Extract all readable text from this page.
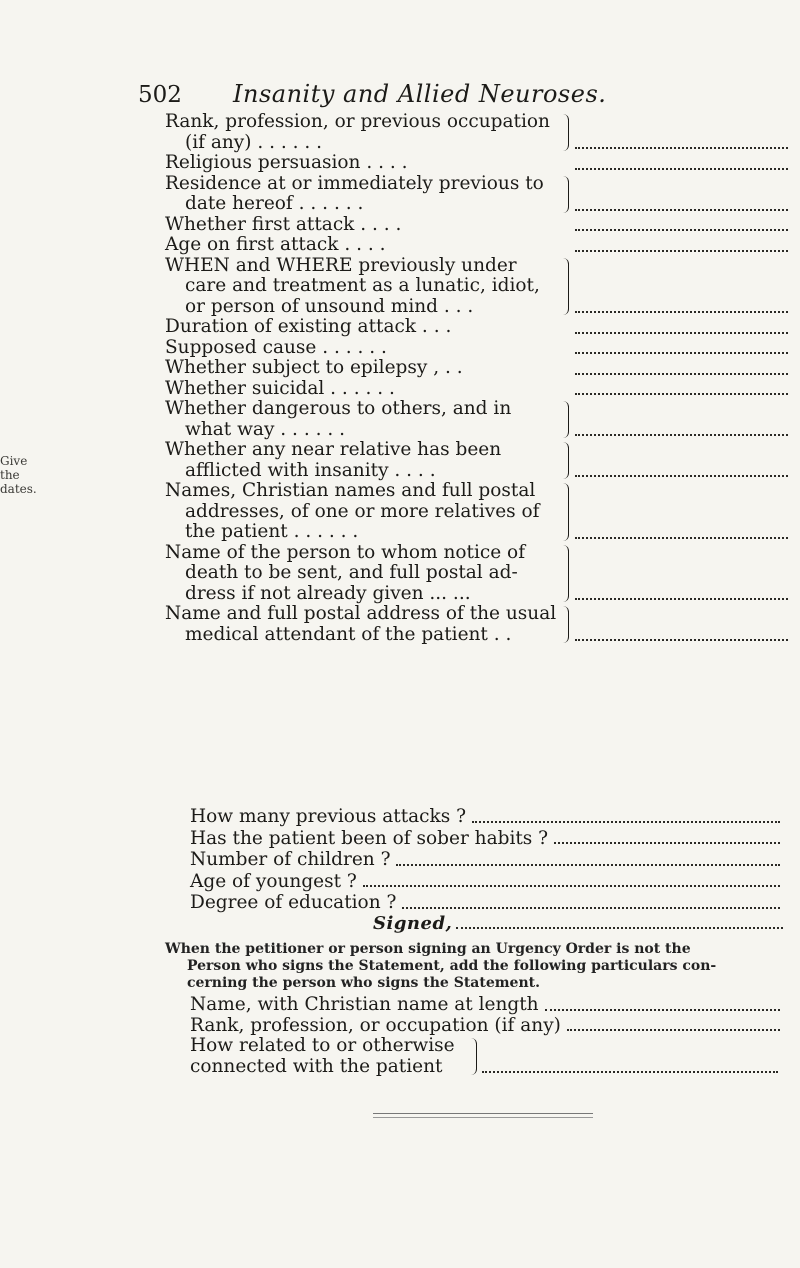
502 Insanity and Allied Neuroses.
Give the dates.
Rank, profession, or previous occupation
(if any) . . . . . .
Religious persuasion . . . .
Residence at or immediately previous to
date hereof . . . . . .
Whether first attack . . . .
Age on first attack . . . .
WHEN and WHERE previously under
care and treatment as a lunatic, idiot,
or person of unsound mind . . .
Duration of existing attack . . .
Supposed cause . . . . . .
Whether subject to epilepsy , . .
Whether suicidal . . . . . .
Whether dangerous to others, and in
what way . . . . . .
Whether any near relative has been
afflicted with insanity . . . .
Names, Christian names and full postal
addresses, of one or more relatives of
the patient . . . . . .
Name of the person to whom notice of
death to be sent, and full postal ad-
dress if not already given ... ...
Name and full postal address of the usual
medical attendant of the patient . .
How many previous attacks ?
Has the patient been of sober habits ?
Number of children ?
Age of youngest ?
Degree of education ?
Signed,
When the petitioner or person signing an Urgency Order is not the
Person who signs the Statement, add the following particulars con-
cerning the person who signs the Statement.
Name, with Christian name at length
Rank, profession, or occupation (if any)
How related to or otherwise
connected with the patient
